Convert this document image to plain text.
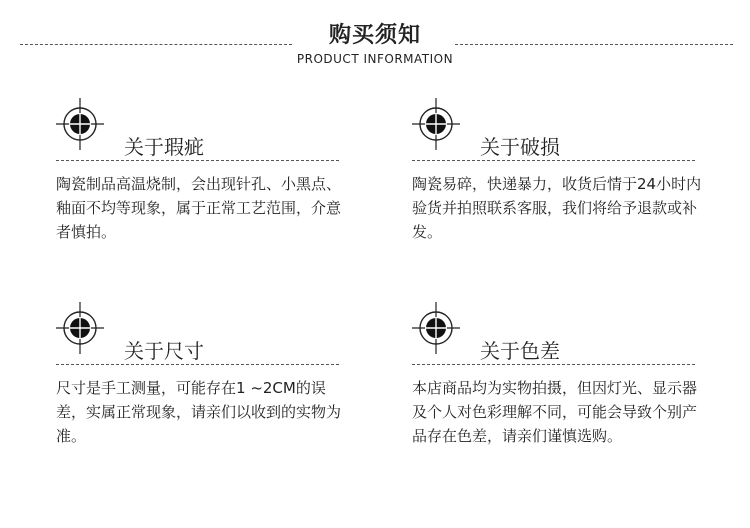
购买须知
PRODUCT INFORMATION
关于瑕疵
陶瓷制品高温烧制，会出现针孔、小黑点、釉面不均等现象，属于正常工艺范围，介意者慎拍。
关于破损
陶瓷易碎，快递暴力，收货后情于24小时内验货并拍照联系客服，我们将给予退款或补发。
关于尺寸
尺寸是手工测量，可能存在1 ~2CM的误差，实属正常现象，请亲们以收到的实物为准。
关于色差
本店商品均为实物拍摄，但因灯光、显示器及个人对色彩理解不同，可能会导致个别产品存在色差，请亲们谨慎选购。
